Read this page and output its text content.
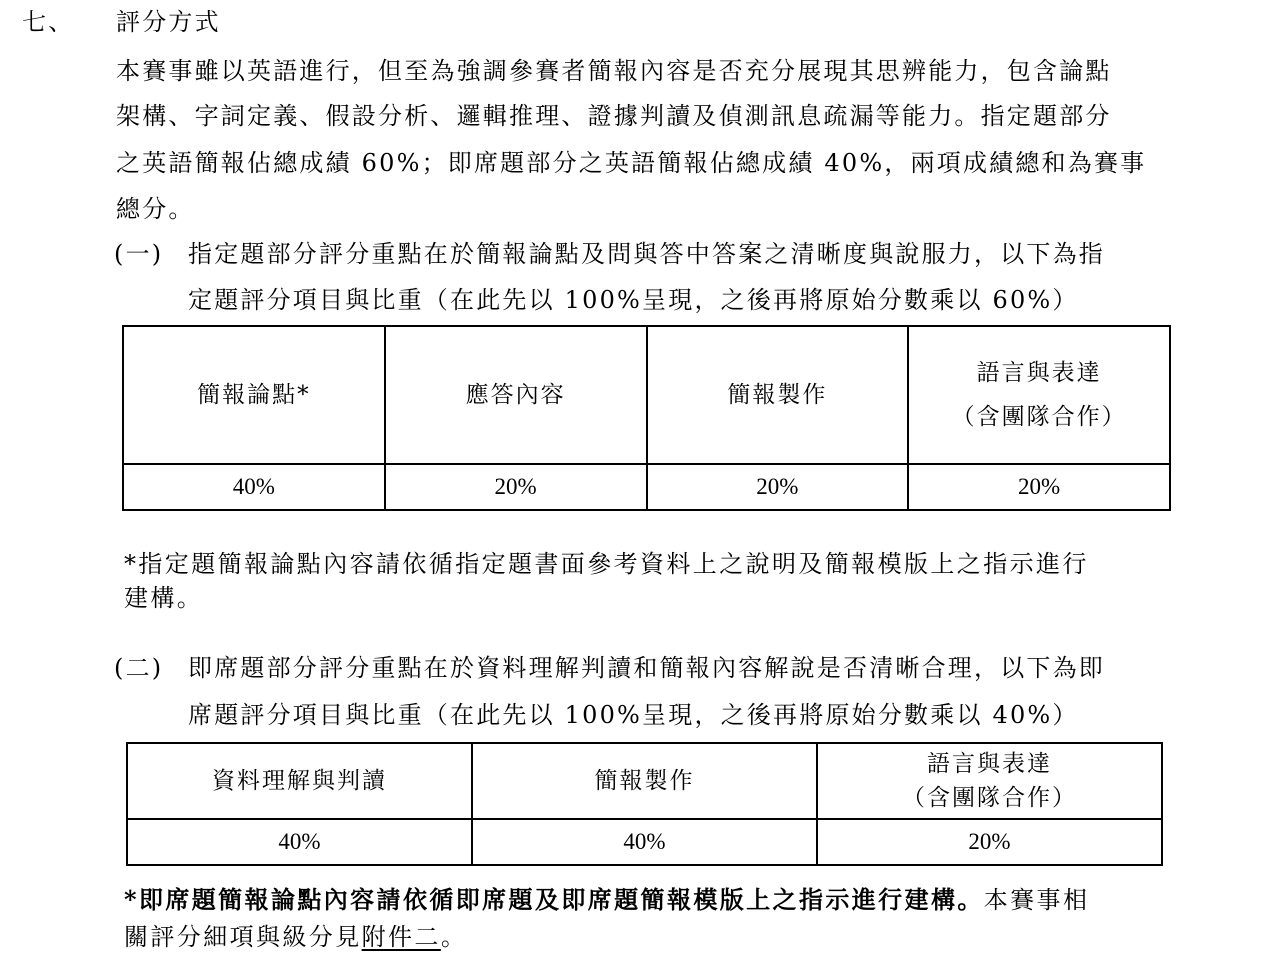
七、 評分方式
本賽事雖以英語進行，但至為強調參賽者簡報內容是否充分展現其思辨能力，包含論點
架構、字詞定義、假設分析、邏輯推理、證據判讀及偵測訊息疏漏等能力。指定題部分
之英語簡報佔總成績 60%；即席題部分之英語簡報佔總成績 40%，兩項成績總和為賽事
總分。
(一) 指定題部分評分重點在於簡報論點及問與答中答案之清晰度與說服力，以下為指
定題評分項目與比重（在此先以 100%呈現，之後再將原始分數乘以 60%）
簡報論點*	應答內容	簡報製作	語言與表達
（含團隊合作）

40%	20%	20%	20%
*指定題簡報論點內容請依循指定題書面參考資料上之說明及簡報模版上之指示進行
建構。
(二) 即席題部分評分重點在於資料理解判讀和簡報內容解說是否清晰合理，以下為即
席題評分項目與比重（在此先以 100%呈現，之後再將原始分數乘以 40%）
資料理解與判讀	簡報製作	語言與表達
（含團隊合作）

40%	40%	20%
*即席題簡報論點內容請依循即席題及即席題簡報模版上之指示進行建構。本賽事相
關評分細項與級分見附件二。
